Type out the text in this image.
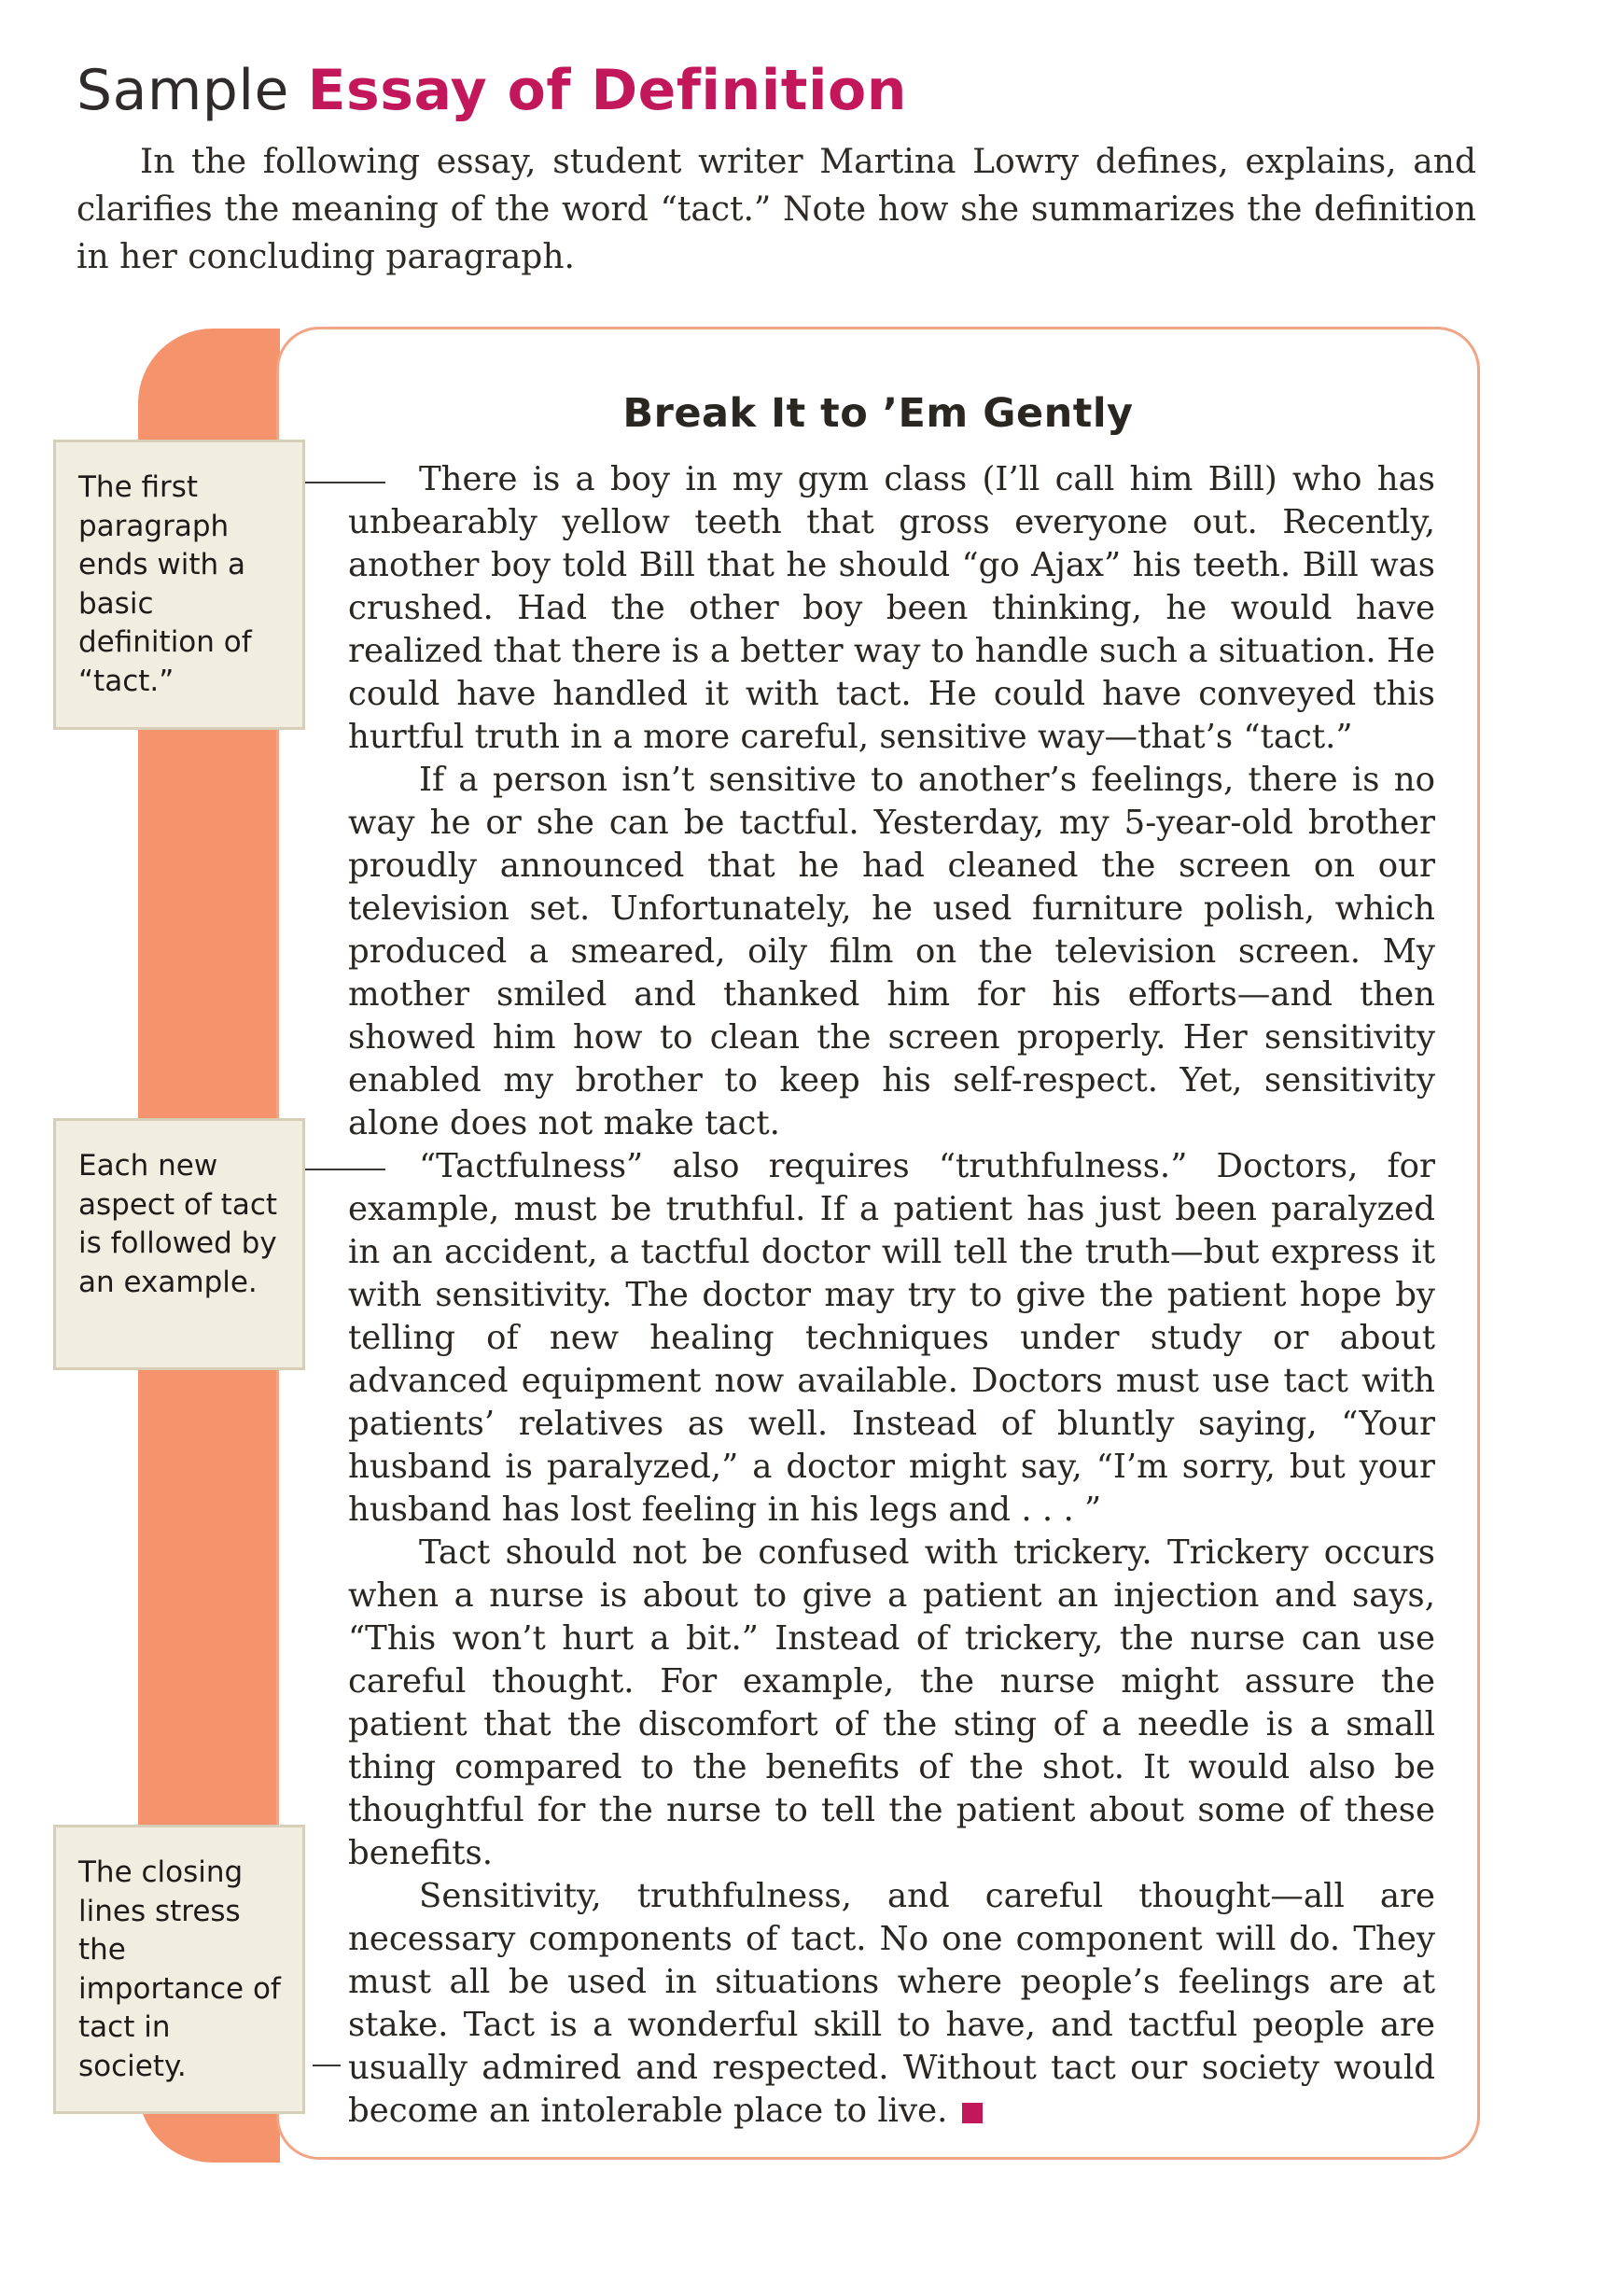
Sample Essay of Definition

In the following essay, student writer Martina Lowry defines, explains, and clarifies the meaning of the word “tact.” Note how she summarizes the definition in her concluding paragraph.

Break It to ’Em Gently

There is a boy in my gym class (I’ll call him Bill) who has unbearably yellow teeth that gross everyone out. Recently, another boy told Bill that he should “go Ajax” his teeth. Bill was crushed. Had the other boy been thinking, he would have realized that there is a better way to handle such a situation. He could have handled it with tact. He could have conveyed this hurtful truth in a more careful, sensitive way—that’s “tact.”

If a person isn’t sensitive to another’s feelings, there is no way he or she can be tactful. Yesterday, my 5-year-old brother proudly announced that he had cleaned the screen on our television set. Unfortunately, he used furniture polish, which produced a smeared, oily film on the television screen. My mother smiled and thanked him for his efforts—and then showed him how to clean the screen properly. Her sensitivity enabled my brother to keep his self-respect. Yet, sensitivity alone does not make tact.

“Tactfulness” also requires “truthfulness.” Doctors, for example, must be truthful. If a patient has just been paralyzed in an accident, a tactful doctor will tell the truth—but express it with sensitivity. The doctor may try to give the patient hope by telling of new healing techniques under study or about advanced equipment now available. Doctors must use tact with patients’ relatives as well. Instead of bluntly saying, “Your husband is paralyzed,” a doctor might say, “I’m sorry, but your husband has lost feeling in his legs and . . . ”

Tact should not be confused with trickery. Trickery occurs when a nurse is about to give a patient an injection and says, “This won’t hurt a bit.” Instead of trickery, the nurse can use careful thought. For example, the nurse might assure the patient that the discomfort of the sting of a needle is a small thing compared to the benefits of the shot. It would also be thoughtful for the nurse to tell the patient about some of these benefits.

Sensitivity, truthfulness, and careful thought—all are necessary components of tact. No one component will do. They must all be used in situations where people’s feelings are at stake. Tact is a wonderful skill to have, and tactful people are usually admired and respected. Without tact our society would become an intolerable place to live.

The first paragraph ends with a basic definition of “tact.”
Each new aspect of tact is followed by an example.
The closing lines stress the importance of tact in society.
